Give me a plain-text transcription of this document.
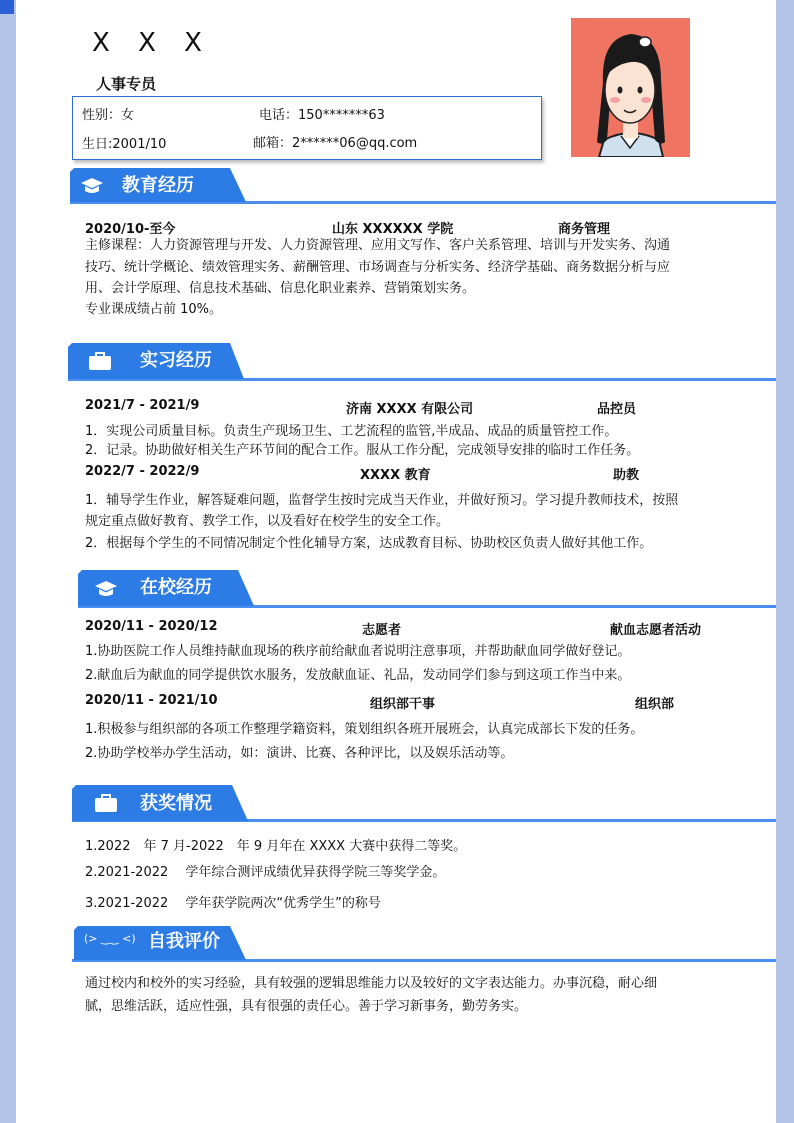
X X X
人事专员
性别：女	电话：150*******63
生日:2001/10	邮箱：2******06@qq.com
教育经历
2020/10-至今	山东 XXXXXX 学院	商务管理
主修课程：人力资源管理与开发、人力资源管理、应用文写作、客户关系管理、培训与开发实务、沟通
技巧、统计学概论、绩效管理实务、薪酬管理、市场调查与分析实务、经济学基础、商务数据分析与应
用、会计学原理、信息技术基础、信息化职业素养、营销策划实务。
专业课成绩占前 10%。
实习经历
2021/7 - 2021/9	济南 XXXX 有限公司	品控员
1．实现公司质量目标。负责生产现场卫生、工艺流程的监管,半成品、成品的质量管控工作。
2．记录。协助做好相关生产环节间的配合工作。服从工作分配，完成领导安排的临时工作任务。
2022/7 - 2022/9	XXXX 教育	助教
1．辅导学生作业，解答疑难问题，监督学生按时完成当天作业，并做好预习。学习提升教师技术，按照
规定重点做好教育、教学工作，以及看好在校学生的安全工作。
2．根据每个学生的不同情况制定个性化辅导方案，达成教育目标、协助校区负责人做好其他工作。
在校经历
2020/11 - 2020/12	志愿者	献血志愿者活动
1.协助医院工作人员维持献血现场的秩序前给献血者说明注意事项，并帮助献血同学做好登记。
2.献血后为献血的同学提供饮水服务，发放献血证、礼品，发动同学们参与到这项工作当中来。
2020/11 - 2021/10	组织部干事	组织部
1.积极参与组织部的各项工作整理学籍资料，策划组织各班开展班会，认真完成部长下发的任务。
2.协助学校举办学生活动，如：演讲、比赛、各种评比，以及娱乐活动等。
获奖情况
1.2022　年 7 月-2022　年 9 月年在 XXXX 大赛中获得二等奖。
2.2021-2022　 学年综合测评成绩优异获得学院三等奖学金。
3.2021-2022　 学年获学院两次“优秀学生”的称号
(> ‿‿ <) 自我评价
通过校内和校外的实习经验，具有较强的逻辑思维能力以及较好的文字表达能力。办事沉稳，耐心细
腻，思维活跃，适应性强，具有很强的责任心。善于学习新事务，勤劳务实。
